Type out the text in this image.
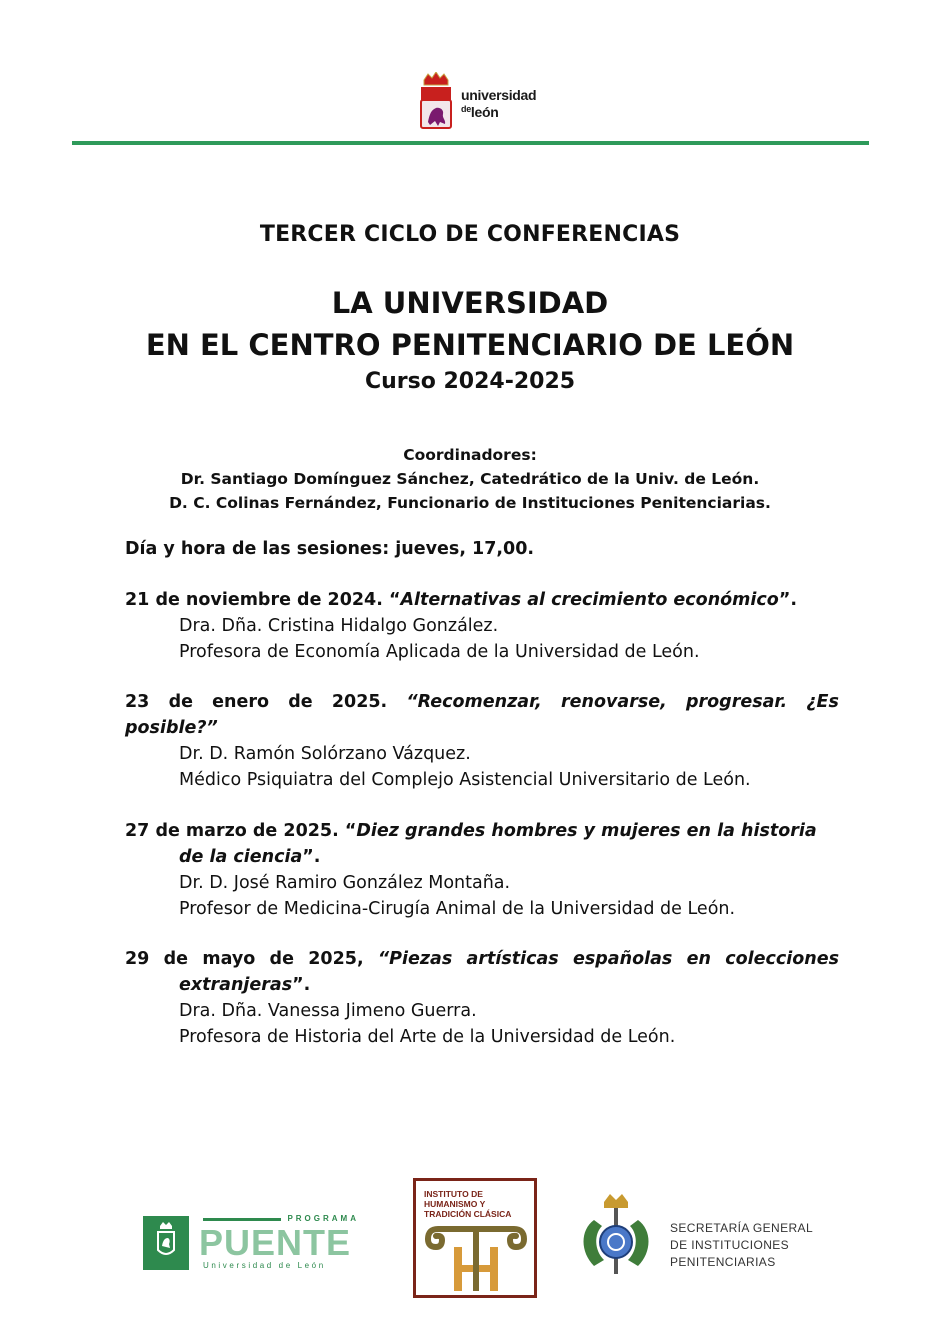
universidad
$^{de}$león
TERCER CICLO DE CONFERENCIAS
LA UNIVERSIDAD
EN EL CENTRO PENITENCIARIO DE LEÓN
Curso 2024-2025
Coordinadores:
Dr. Santiago Domínguez Sánchez, Catedrático de la Univ. de León.
D. C. Colinas Fernández, Funcionario de Instituciones Penitenciarias.
Día y hora de las sesiones: jueves, 17,00.
21 de noviembre de 2024. “Alternativas al crecimiento económico”.
Dra. Dña. Cristina Hidalgo González.
Profesora de Economía Aplicada de la Universidad de León.
23 de enero de 2025. “Recomenzar, renovarse, progresar. ¿Es
posible?”
Dr. D. Ramón Solórzano Vázquez.
Médico Psiquiatra del Complejo Asistencial Universitario de León.
27 de marzo de 2025. “Diez grandes hombres y mujeres en la historia
de la ciencia”.
Dr. D. José Ramiro González Montaña.
Profesor de Medicina-Cirugía Animal de la Universidad de León.
29 de mayo de 2025, “Piezas artísticas españolas en colecciones
extranjeras”.
Dra. Dña. Vanessa Jimeno Guerra.
Profesora de Historia del Arte de la Universidad de León.
PROGRAMA
PUENTE
Universidad de León
INSTITUTO DE
HUMANISMO Y
TRADICIÓN CLÁSICA
SECRETARÍA GENERAL
DE INSTITUCIONES
PENITENCIARIAS
